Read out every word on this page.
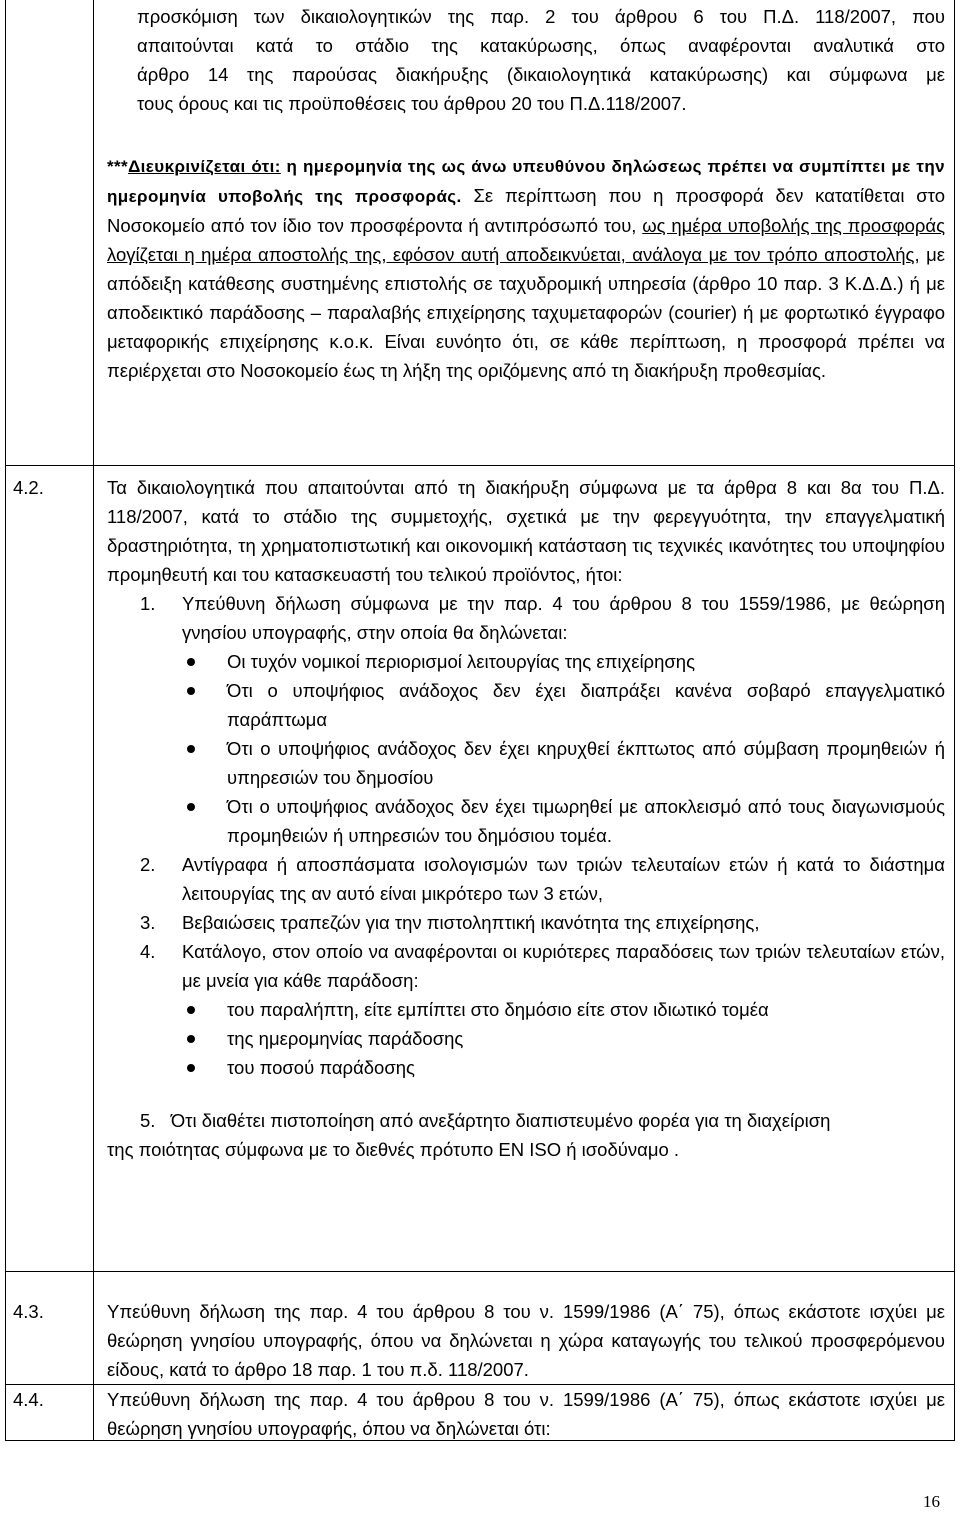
προσκόμιση των δικαιολογητικών της παρ. 2 του άρθρου 6 του Π.Δ. 118/2007, που

απαιτούνται κατά το στάδιο της κατακύρωσης, όπως αναφέρονται αναλυτικά στο

άρθρο 14 της παρούσας διακήρυξης (δικαιολογητικά κατακύρωσης) και σύμφωνα με

τους όρους και τις προϋποθέσεις του άρθρου 20 του Π.Δ.118/2007.

***Διευκρινίζεται ότι: η ημερομηνία της ως άνω υπευθύνου δηλώσεως πρέπει να συμπίπτει με την ημερομηνία υποβολής της προσφοράς. Σε περίπτωση που η προσφορά δεν κατατίθεται στο Νοσοκομείο από τον ίδιο τον προσφέροντα ή αντιπρόσωπό του, ως ημέρα υποβολής της προσφοράς λογίζεται η ημέρα αποστολής της, εφόσον αυτή αποδεικνύεται, ανάλογα με τον τρόπο αποστολής, με απόδειξη κατάθεσης συστημένης επιστολής σε ταχυδρομική υπηρεσία (άρθρο 10 παρ. 3 Κ.Δ.Δ.) ή με αποδεικτικό παράδοσης – παραλαβής επιχείρησης ταχυμεταφορών (courier) ή με φορτωτικό έγγραφο μεταφορικής επιχείρησης κ.ο.κ. Είναι ευνόητο ότι, σε κάθε περίπτωση, η προσφορά πρέπει να περιέρχεται στο Νοσοκομείο έως τη λήξη της οριζόμενης από τη διακήρυξη προθεσμίας.

4.2.	Τα δικαιολογητικά που απαιτούνται από τη διακήρυξη σύμφωνα με τα άρθρα 8 και 8α του Π.Δ. 118/2007, κατά το στάδιο της συμμετοχής, σχετικά με την φερεγγυότητα, την επαγγελματική δραστηριότητα, τη χρηματοπιστωτική και οικονομική κατάσταση τις τεχνικές ικανότητες του υποψηφίου προμηθευτή και του κατασκευαστή του τελικού προϊόντος, ήτοι:

1. Υπεύθυνη δήλωση σύμφωνα με την παρ. 4 του άρθρου 8 του 1559/1986, με θεώρηση γνησίου υπογραφής, στην οποία θα δηλώνεται:
Οι τυχόν νομικοί περιορισμοί λειτουργίας της επιχείρησης
Ότι ο υποψήφιος ανάδοχος δεν έχει διαπράξει κανένα σοβαρό επαγγελματικό παράπτωμα
Ότι ο υποψήφιος ανάδοχος δεν έχει κηρυχθεί έκπτωτος από σύμβαση προμηθειών ή υπηρεσιών του δημοσίου
Ότι ο υποψήφιος ανάδοχος δεν έχει τιμωρηθεί με αποκλεισμό από τους διαγωνισμούς προμηθειών ή υπηρεσιών του δημόσιου τομέα.
2. Αντίγραφα ή αποσπάσματα ισολογισμών των τριών τελευταίων ετών ή κατά το διάστημα λειτουργίας της αν αυτό είναι μικρότερο των 3 ετών,
3. Βεβαιώσεις τραπεζών για την πιστοληπτική ικανότητα της επιχείρησης,
4. Κατάλογο, στον οποίο να αναφέρονται οι κυριότερες παραδόσεις των τριών τελευταίων ετών, με μνεία για κάθε παράδοση:
του παραλήπτη, είτε εμπίπτει στο δημόσιο είτε στον ιδιωτικό τομέα
της ημερομηνίας παράδοσης
του ποσού παράδοσης

5.   Ότι διαθέτει πιστοποίηση από ανεξάρτητο διαπιστευμένο φορέα για τη διαχείριση

της ποιότητας σύμφωνα με το διεθνές πρότυπο EN ISO ή ισοδύναμο .

4.3.	Υπεύθυνη δήλωση της παρ. 4 του άρθρου 8 του ν. 1599/1986 (Α΄ 75), όπως εκάστοτε ισχύει με θεώρηση γνησίου υπογραφής, όπου να δηλώνεται η χώρα καταγωγής του τελικού προσφερόμενου είδους, κατά το άρθρο 18 παρ. 1 του π.δ. 118/2007.

4.4.	Υπεύθυνη δήλωση της παρ. 4 του άρθρου 8 του ν. 1599/1986 (Α΄ 75), όπως εκάστοτε ισχύει με θεώρηση γνησίου υπογραφής, όπου να δηλώνεται ότι:

16
